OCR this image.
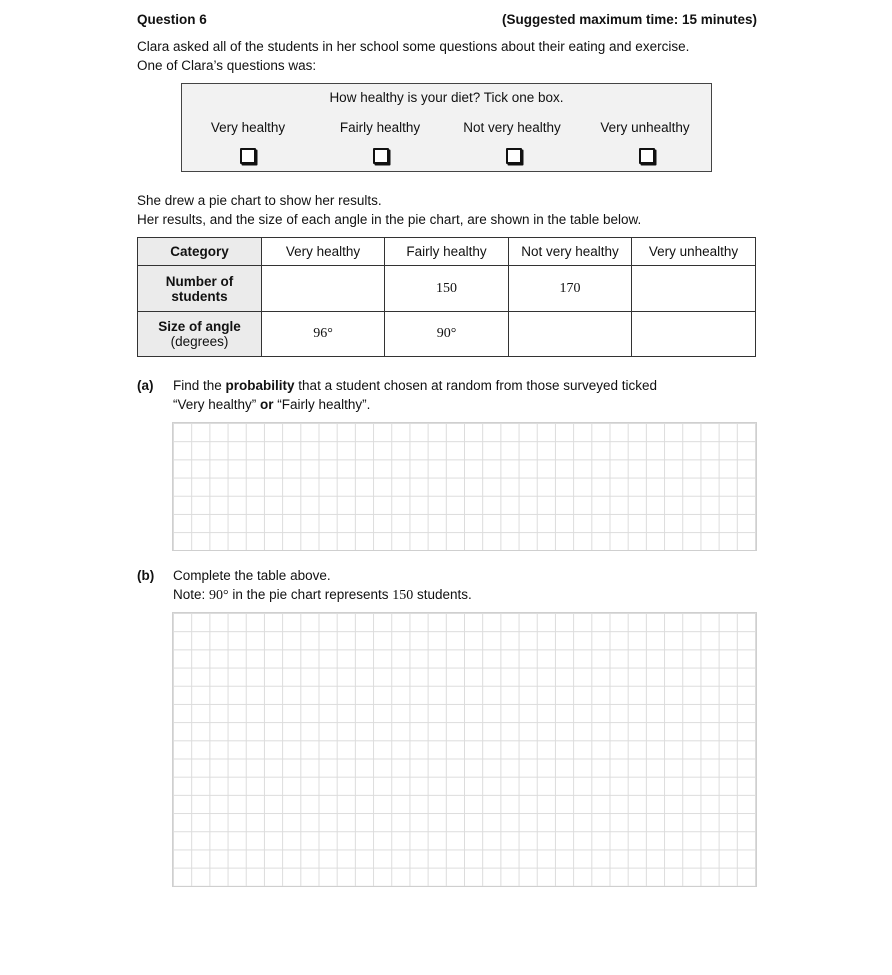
Question 6	(Suggested maximum time: 15 minutes)
Clara asked all of the students in her school some questions about their eating and exercise.
One of Clara’s questions was:
How healthy is your diet? Tick one box.
Very healthy	Fairly healthy	Not very healthy	Very unhealthy
She drew a pie chart to show her results.
Her results, and the size of each angle in the pie chart, are shown in the table below.
Category	Very healthy	Fairly healthy	Not very healthy	Very unhealthy
Number of
students		150	170	
Size of angle
(degrees)	96°	90°		
(a) Find the probability that a student chosen at random from those surveyed ticked
“Very healthy” or “Fairly healthy”.
(b) Complete the table above.
Note: 90° in the pie chart represents 150 students.
